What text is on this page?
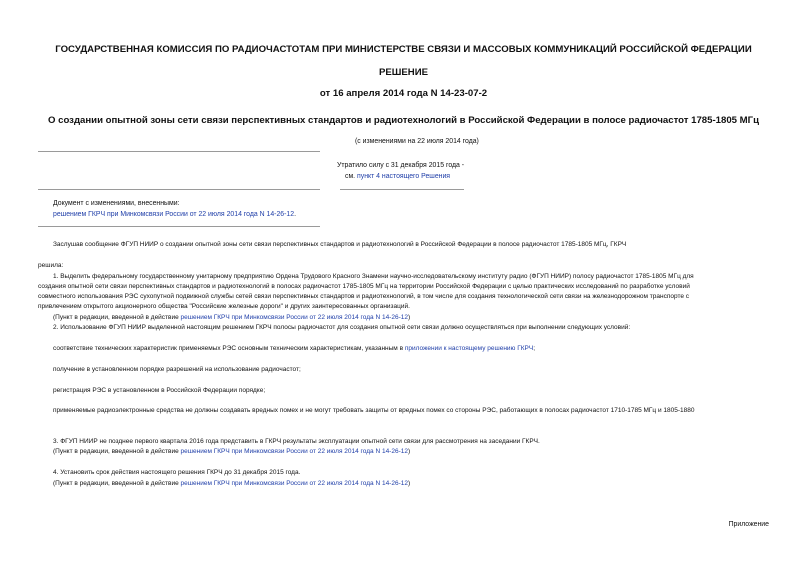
ГОСУДАРСТВЕННАЯ КОМИССИЯ ПО РАДИОЧАСТОТАМ ПРИ МИНИСТЕРСТВЕ СВЯЗИ И МАССОВЫХ КОММУНИКАЦИЙ РОССИЙСКОЙ ФЕДЕРАЦИИ
РЕШЕНИЕ
от 16 апреля 2014 года N 14-23-07-2
О создании опытной зоны сети связи перспективных стандартов и радиотехнологий в Российской Федерации в полосе радиочастот 1785-1805 МГц
(с изменениями на 22 июля 2014 года)
Утратило силу с 31 декабря 2015 года -
см. пункт 4 настоящего Решения
Документ с изменениями, внесенными:
решением ГКРЧ при Минкомсвязи России от 22 июля 2014 года N 14-26-12.
Заслушав сообщение ФГУП НИИР о создании опытной зоны сети связи перспективных стандартов и радиотехнологий в Российской Федерации в полосе радиочастот 1785-1805 МГц, ГКРЧ
решила:
1. Выделить федеральному государственному унитарному предприятию Ордена Трудового Красного Знамени научно-исследовательскому институту радио (ФГУП НИИР) полосу радиочастот 1785-1805 МГц для
создания опытной сети связи перспективных стандартов и радиотехнологий в полосах радиочастот 1785-1805 МГц на территории Российской Федерации с целью практических исследований по разработке условий
совместного использования РЭС сухопутной подвижной службы сетей связи перспективных стандартов и радиотехнологий, в том числе для создания технологической сети связи на железнодорожном транспорте с
привлечением открытого акционерного общества "Российские железные дороги" и других заинтересованных организаций.
(Пункт в редакции, введенной в действие решением ГКРЧ при Минкомсвязи России от 22 июля 2014 года N 14-26-12)
2. Использование ФГУП НИИР выделенной настоящим решением ГКРЧ полосы радиочастот для создания опытной сети связи должно осуществляться при выполнении следующих условий:
соответствие технических характеристик применяемых РЭС основным техническим характеристикам, указанным в приложении к настоящему решению ГКРЧ;
получение в установленном порядке разрешений на использование радиочастот;
регистрация РЭС в установленном в Российской Федерации порядке;
применяемые радиоэлектронные средства не должны создавать вредных помех и не могут требовать защиты от вредных помех со стороны РЭС, работающих в полосах радиочастот 1710-1785 МГц и 1805-1880
3. ФГУП НИИР не позднее первого квартала 2016 года представить в ГКРЧ результаты эксплуатации опытной сети связи для рассмотрения на заседании ГКРЧ.
(Пункт в редакции, введенной в действие решением ГКРЧ при Минкомсвязи России от 22 июля 2014 года N 14-26-12)
4. Установить срок действия настоящего решения ГКРЧ до 31 декабря 2015 года.
(Пункт в редакции, введенной в действие решением ГКРЧ при Минкомсвязи России от 22 июля 2014 года N 14-26-12)
Приложение
